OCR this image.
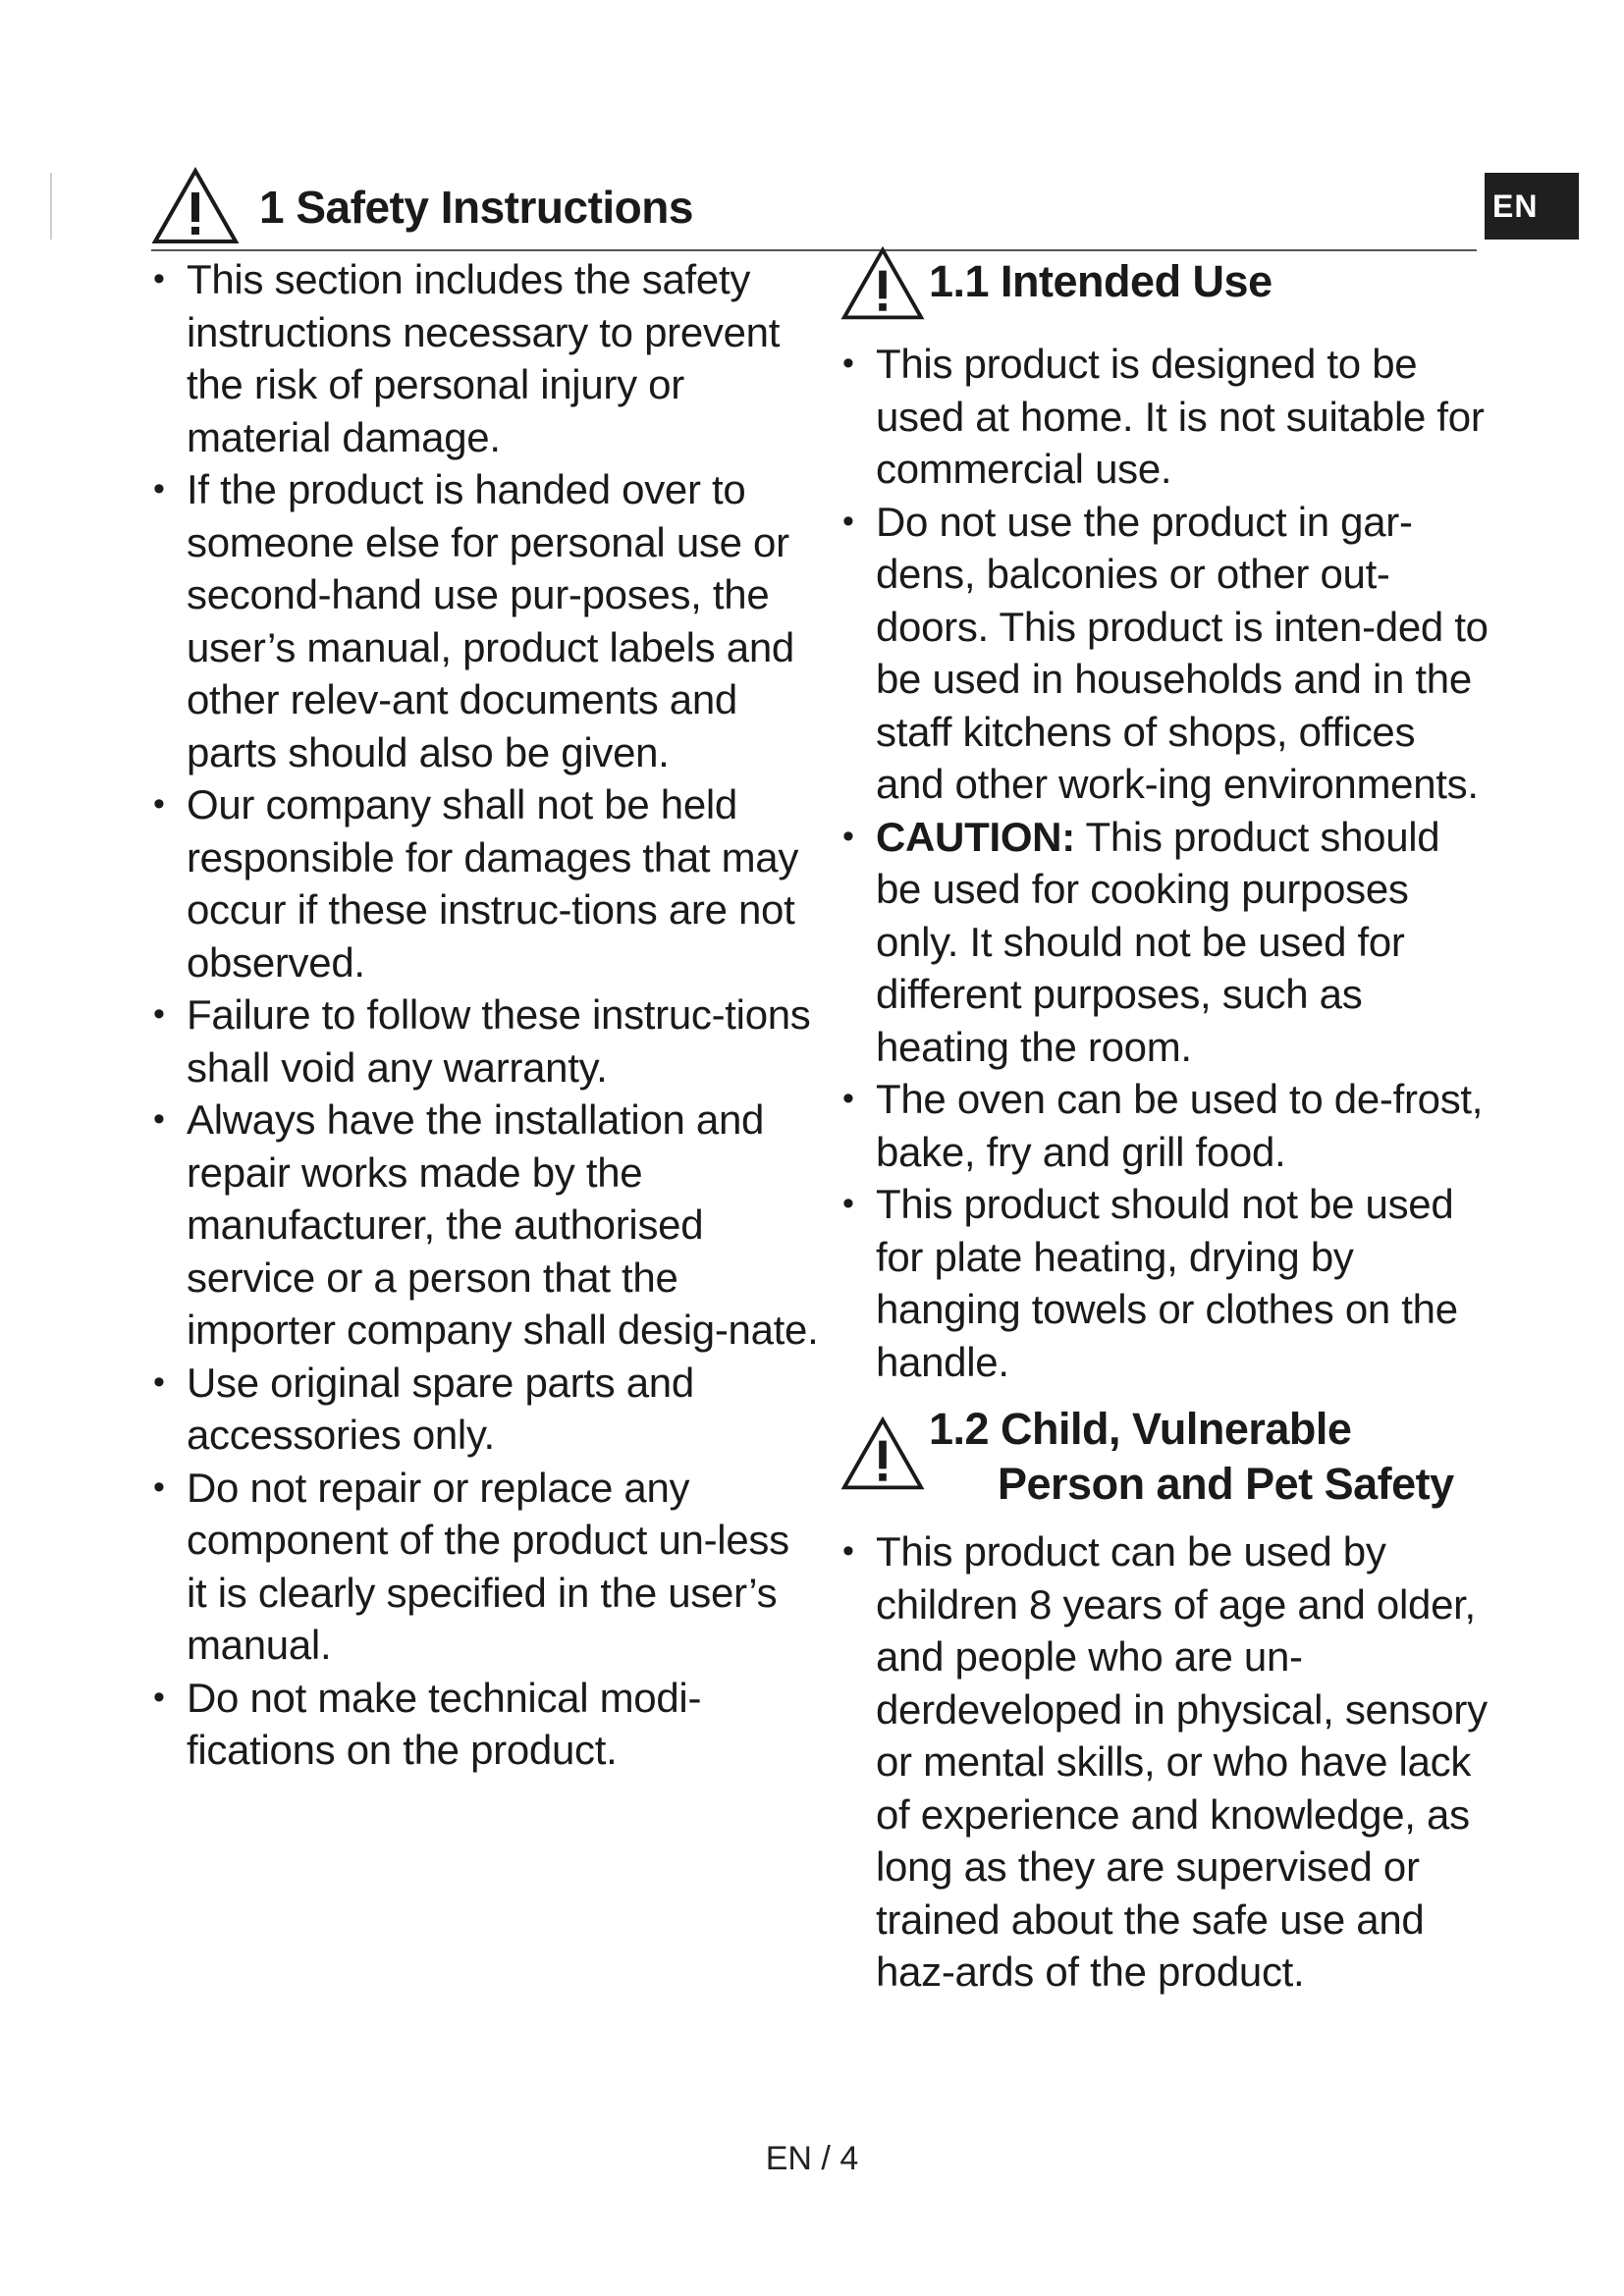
EN
1 Safety Instructions
• This section includes the safety instructions necessary to prevent the risk of personal injury or material damage.
• If the product is handed over to someone else for personal use or second-hand use pur-poses, the user’s manual, product labels and other relev-ant documents and parts should also be given.
• Our company shall not be held responsible for damages that may occur if these instruc-tions are not observed.
• Failure to follow these instruc-tions shall void any warranty.
• Always have the installation and repair works made by the manufacturer, the authorised service or a person that the importer company shall desig-nate.
• Use original spare parts and accessories only.
• Do not repair or replace any component of the product un-less it is clearly specified in the user’s manual.
• Do not make technical modi-fications on the product.
1.1 Intended Use
• This product is designed to be used at home. It is not suitable for commercial use.
• Do not use the product in gar-dens, balconies or other out-doors. This product is inten-ded to be used in households and in the staff kitchens of shops, offices and other work-ing environments.
• CAUTION: This product should be used for cooking purposes only. It should not be used for different purposes, such as heating the room.
• The oven can be used to de-frost, bake, fry and grill food.
• This product should not be used for plate heating, drying by hanging towels or clothes on the handle.
1.2 Child, Vulnerable
Person and Pet Safety
• This product can be used by children 8 years of age and older, and people who are un-derdeveloped in physical, sensory or mental skills, or who have lack of experience and knowledge, as long as they are supervised or trained about the safe use and haz-ards of the product.
EN / 4
